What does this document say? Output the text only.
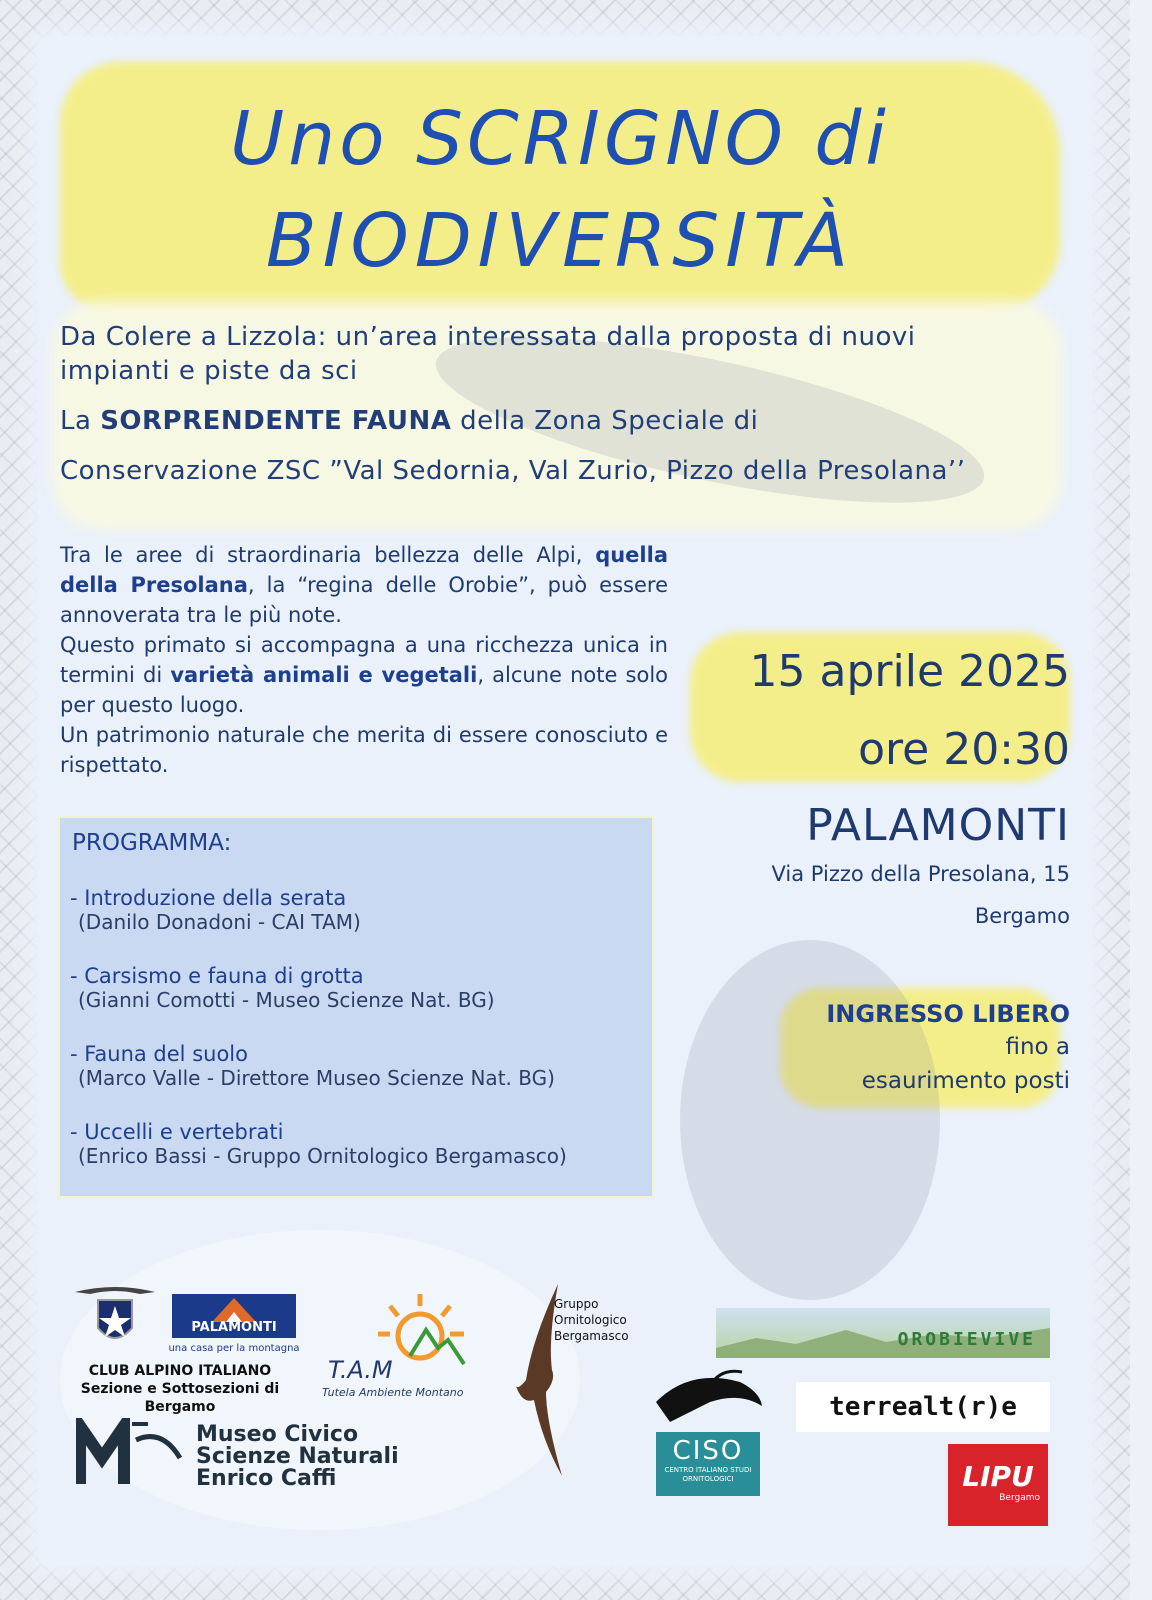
Uno SCRIGNO di
BIODIVERSITÀ
Da Colere a Lizzola: un’area interessata dalla proposta di nuovi
impianti e piste da sci
La SORPRENDENTE FAUNA della Zona Speciale di
Conservazione ZSC ”Val Sedornia, Val Zurio, Pizzo della Presolana’’
Tra le aree di straordinaria bellezza delle Alpi, quella della Presolana, la “regina delle Orobie”, può essere annoverata tra le più note.
Questo primato si accompagna a una ricchezza unica in termini di varietà animali e vegetali, alcune note solo per questo luogo.
Un patrimonio naturale che merita di essere conosciuto e rispettato.
PROGRAMMA:
- Introduzione della serata
(Danilo Donadoni - CAI TAM)
- Carsismo e fauna di grotta
(Gianni Comotti - Museo Scienze Nat. BG)
- Fauna del suolo
(Marco Valle - Direttore Museo Scienze Nat. BG)
- Uccelli e vertebrati
(Enrico Bassi - Gruppo Ornitologico Bergamasco)
15 aprile 2025
ore 20:30
PALAMONTI
Via Pizzo della Presolana, 15
Bergamo
INGRESSO LIBERO
fino a
esaurimento posti
PALAMONTI
una casa per la montagna
CLUB ALPINO ITALIANO
Sezione e Sottosezioni di Bergamo
Museo Civico
Scienze Naturali
Enrico Caffi
T.A.M
Tutela Ambiente Montano
Gruppo
Ornitologico
Bergamasco
CISO
CENTRO ITALIANO STUDI ORNITOLOGICI
OROBIEVIVE
terrealt(r)e
LIPU
Bergamo
